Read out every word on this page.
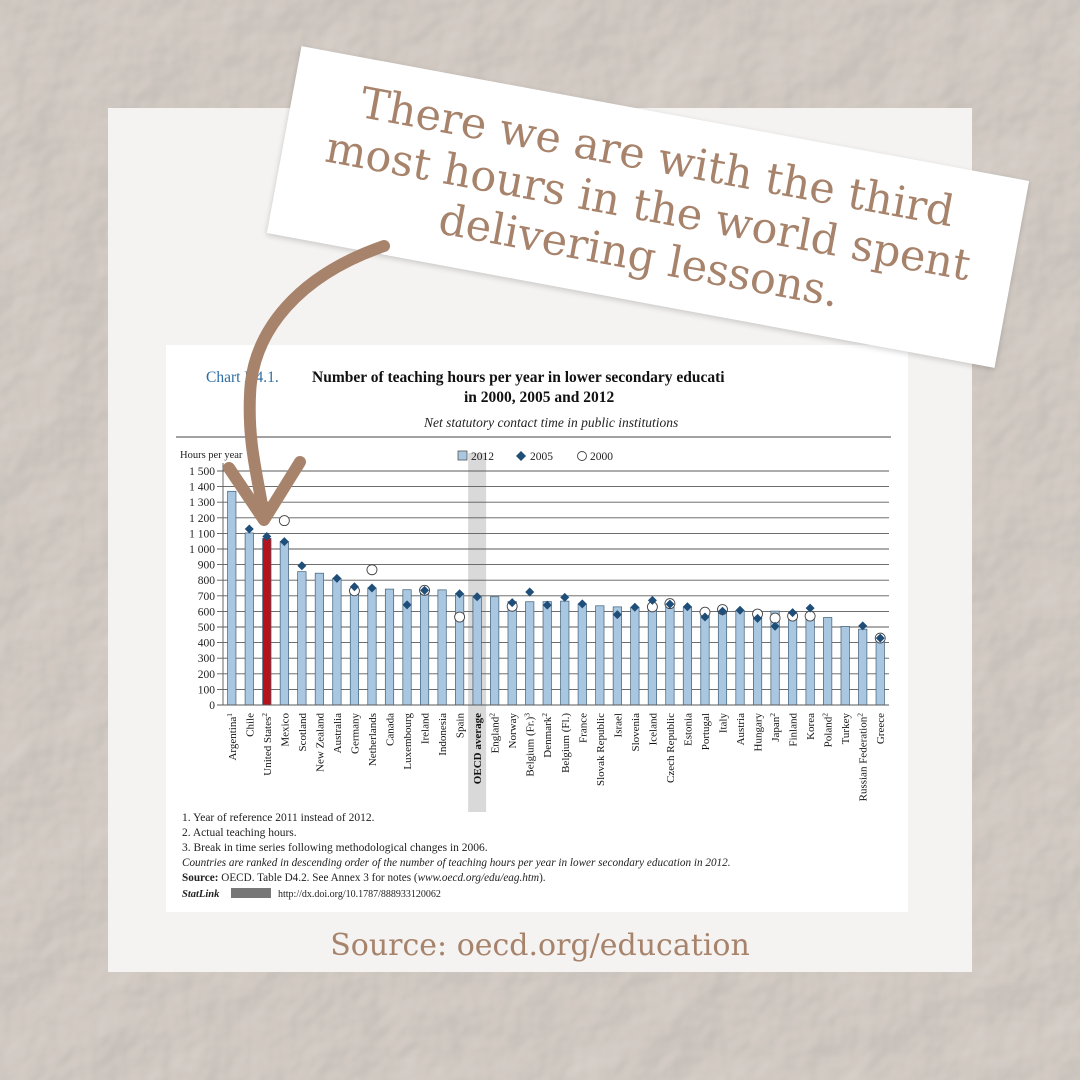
Chart D4.1. Number of teaching hours per year in lower secondary educati
in 2000, 2005 and 2012
Net statutory contact time in public institutions
0
100
200
300
400
500
600
700
800
900
1 000
1 100
1 200
1 300
1 400
1 500
Hours per year	2012	2005	2000
Argentina$^1$ Chile United States$^2$ Mexico Scotland New Zealand Australia Germany Netherlands Canada Luxembourg Ireland Indonesia Spain OECD average England$^2$ Norway Belgium $(Fr.)^3$
Denmark$^2$ Belgium (Fl.) France Slovak Republic Israel Slovenia Iceland Czech Republic Estonia Portugal Italy Austria Hungary Japan$^2$ Finland Korea Poland$^2$ Turkey Russian Federation$^2$ Greece
1. Year of reference 2011 instead of 2012.
2. Actual teaching hours.
3. Break in time series following methodological changes in 2006.
Countries are ranked in descending order of the number of teaching hours per year in lower secondary education in 2012.
Source: OECD. Table D4.2. See Annex 3 for notes (www.oecd.org/edu/eag.htm).
StatLink	http://dx.doi.org/10.1787/888933120062
Source: oecd.org/education
There we are with the third most hours in the world spent delivering lessons.
